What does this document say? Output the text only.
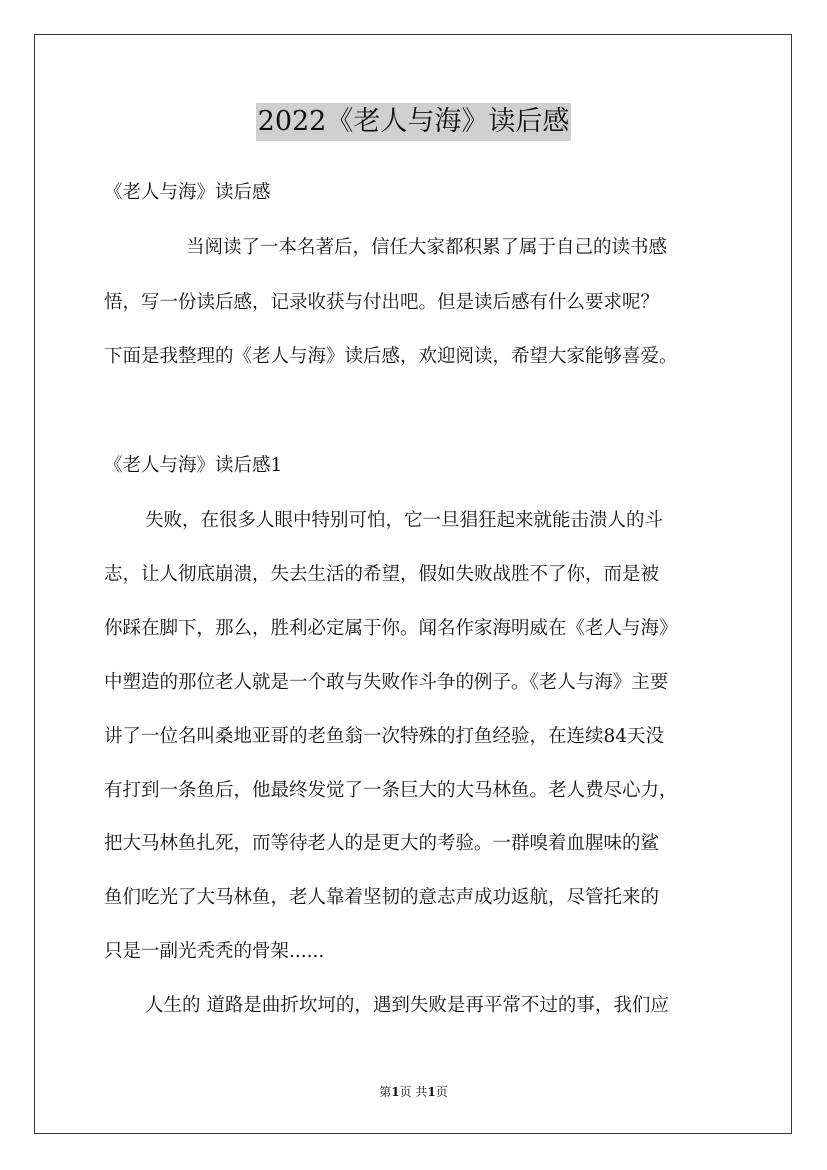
2022《老人与海》读后感
《老人与海》读后感
当阅读了一本名著后，信任大家都积累了属于自己的读书感
悟，写一份读后感，记录收获与付出吧。但是读后感有什么要求呢？
下面是我整理的《老人与海》读后感，欢迎阅读，希望大家能够喜爱。
《老人与海》读后感1
失败，在很多人眼中特别可怕，它一旦猖狂起来就能击溃人的斗
志，让人彻底崩溃，失去生活的希望，假如失败战胜不了你，而是被
你踩在脚下，那么，胜利必定属于你。闻名作家海明威在《老人与海》
中塑造的那位老人就是一个敢与失败作斗争的例子。《老人与海》主要
讲了一位名叫桑地亚哥的老鱼翁一次特殊的打鱼经验，在连续84天没
有打到一条鱼后，他最终发觉了一条巨大的大马林鱼。老人费尽心力，
把大马林鱼扎死，而等待老人的是更大的考验。一群嗅着血腥味的鲨
鱼们吃光了大马林鱼，老人靠着坚韧的意志声成功返航，尽管托来的
只是一副光秃秃的骨架......
人生的 道路是曲折坎坷的，遇到失败是再平常不过的事，我们应
第1页 共1页
